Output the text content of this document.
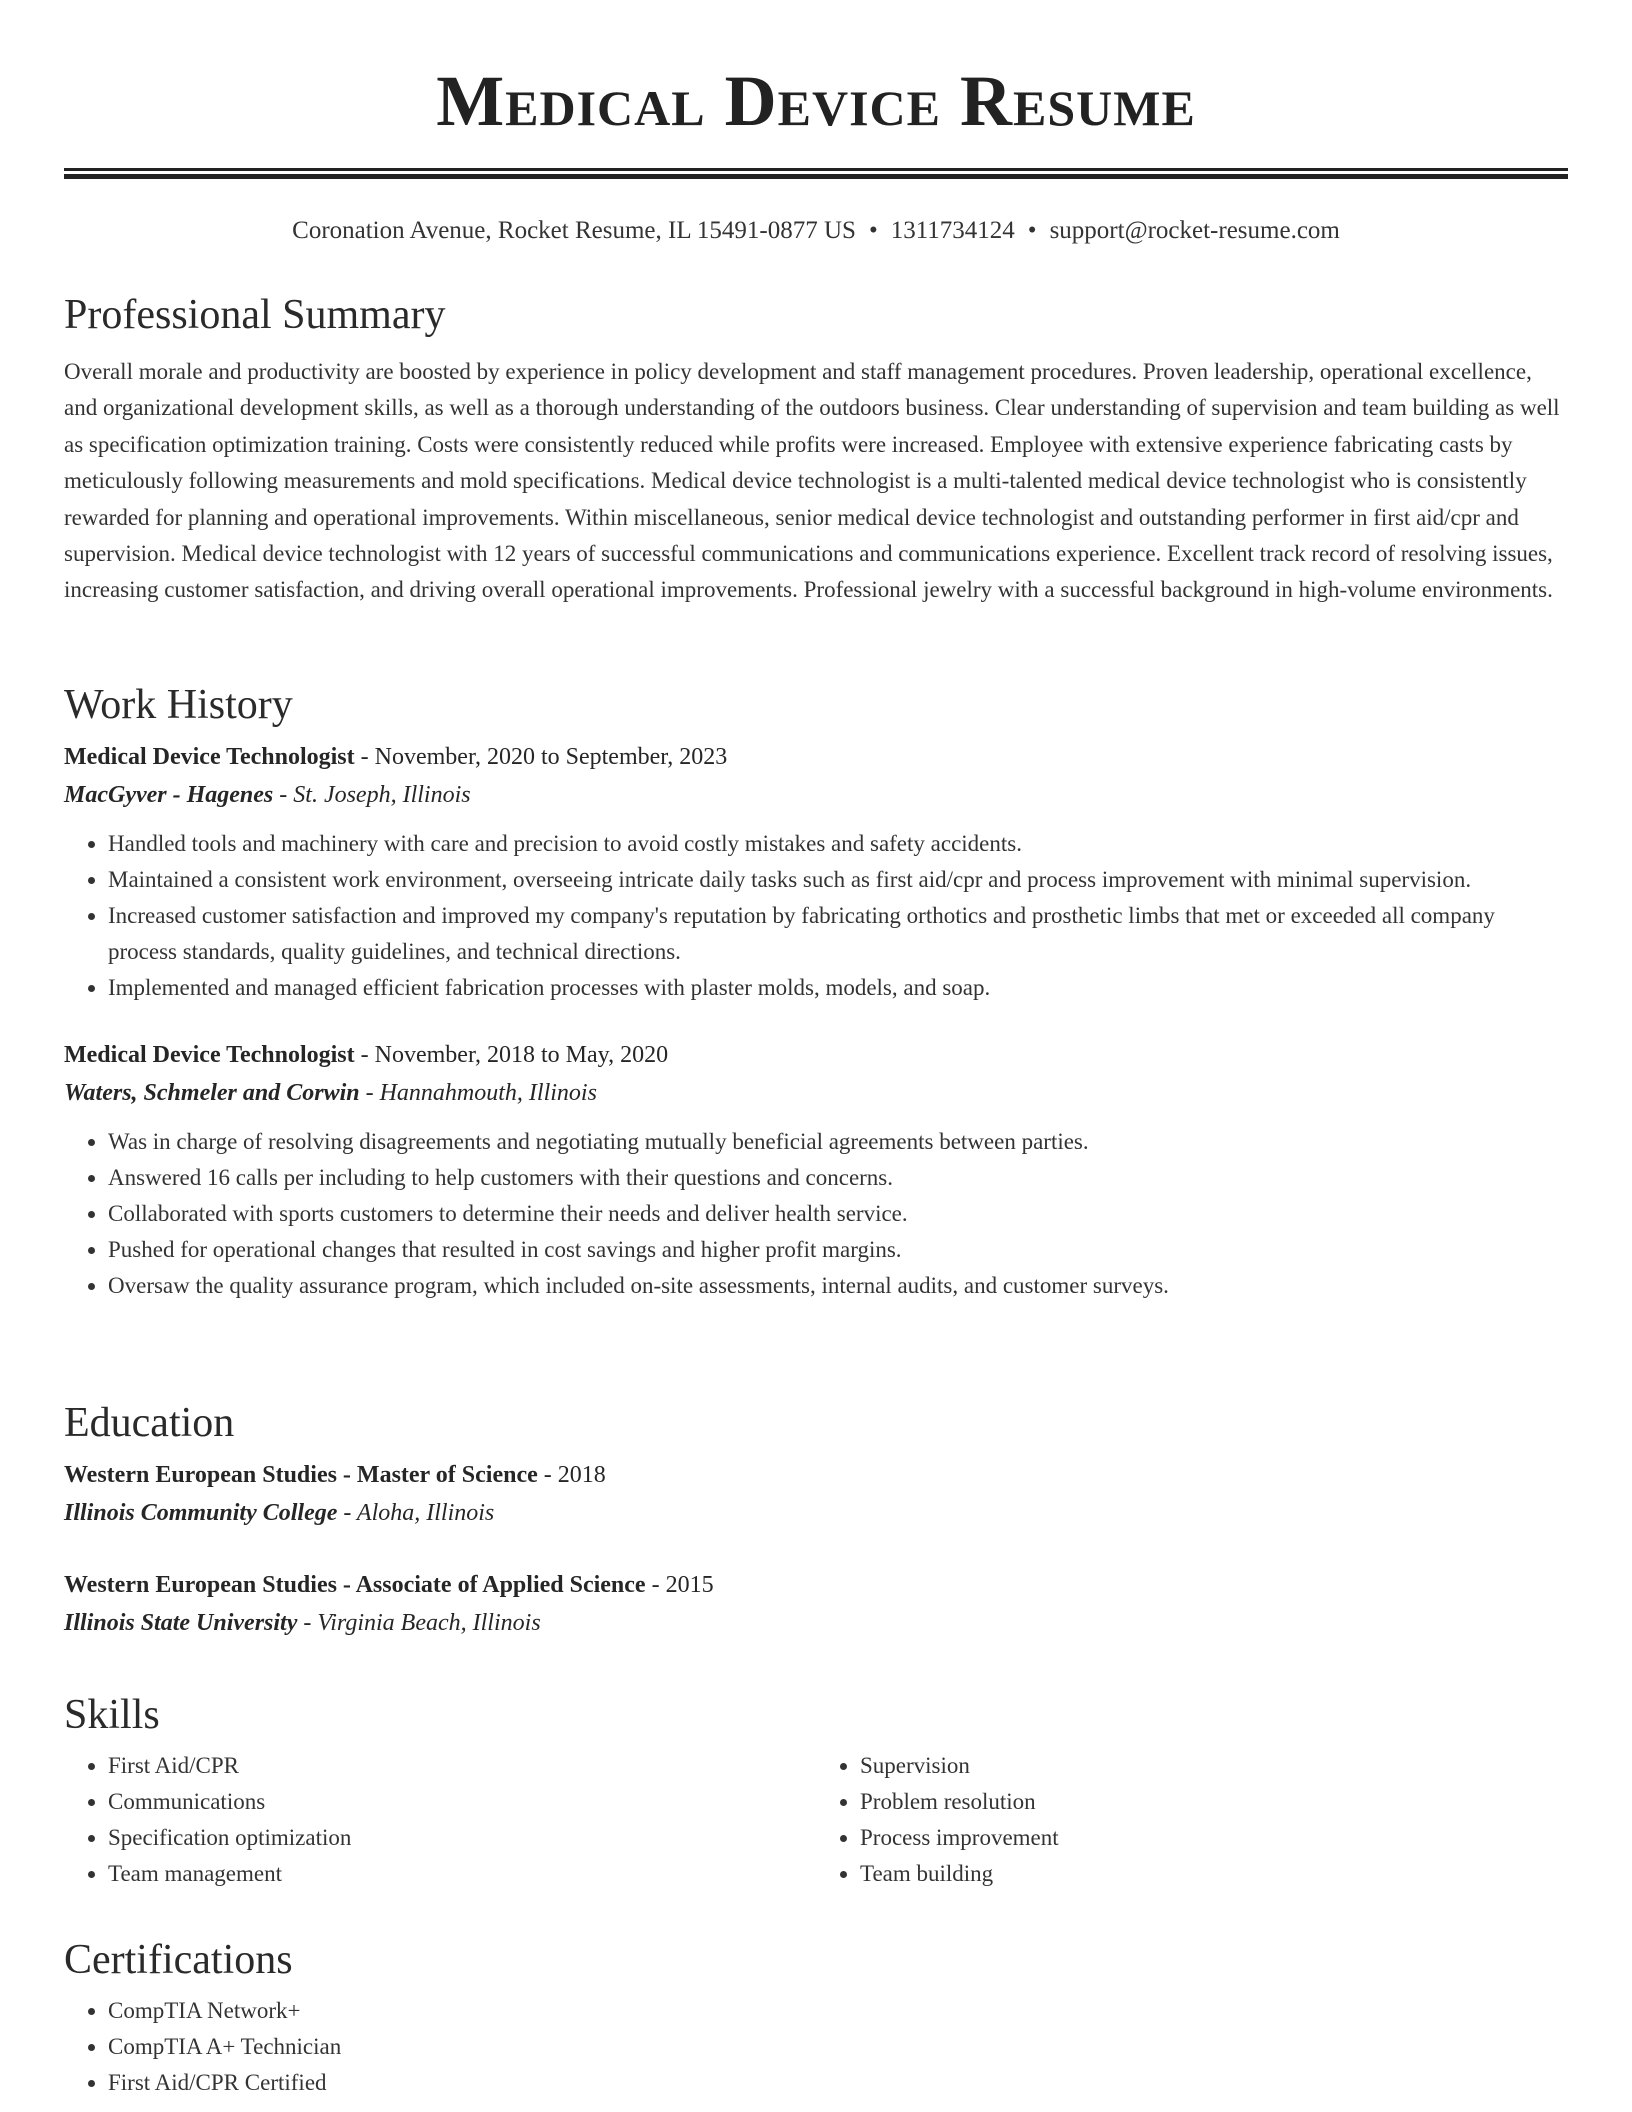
Medical Device Resume
Coronation Avenue, Rocket Resume, IL 15491-0877 US • 1311734124 • support@rocket-resume.com
Professional Summary

Overall morale and productivity are boosted by experience in policy development and staff management procedures. Proven leadership, operational excellence, and organizational development skills, as well as a thorough understanding of the outdoors business. Clear understanding of supervision and team building as well as specification optimization training. Costs were consistently reduced while profits were increased. Employee with extensive experience fabricating casts by meticulously following measurements and mold specifications. Medical device technologist is a multi-talented medical device technologist who is consistently rewarded for planning and operational improvements. Within miscellaneous, senior medical device technologist and outstanding performer in first aid/cpr and supervision. Medical device technologist with 12 years of successful communications and communications experience. Excellent track record of resolving issues, increasing customer satisfaction, and driving overall operational improvements. Professional jewelry with a successful background in high-volume environments.

Work History

Medical Device Technologist - November, 2020 to September, 2023

MacGyver - Hagenes - St. Joseph, Illinois

• Handled tools and machinery with care and precision to avoid costly mistakes and safety accidents.
• Maintained a consistent work environment, overseeing intricate daily tasks such as first aid/cpr and process improvement with minimal supervision.
• Increased customer satisfaction and improved my company's reputation by fabricating orthotics and prosthetic limbs that met or exceeded all company process standards, quality guidelines, and technical directions.
• Implemented and managed efficient fabrication processes with plaster molds, models, and soap.

Medical Device Technologist - November, 2018 to May, 2020

Waters, Schmeler and Corwin - Hannahmouth, Illinois

• Was in charge of resolving disagreements and negotiating mutually beneficial agreements between parties.
• Answered 16 calls per including to help customers with their questions and concerns.
• Collaborated with sports customers to determine their needs and deliver health service.
• Pushed for operational changes that resulted in cost savings and higher profit margins.
• Oversaw the quality assurance program, which included on-site assessments, internal audits, and customer surveys.
Education

Western European Studies - Master of Science - 2018

Illinois Community College - Aloha, Illinois

Western European Studies - Associate of Applied Science - 2015

Illinois State University - Virginia Beach, Illinois

Skills
• First Aid/CPR
• Communications
• Specification optimization
• Team management
• Supervision
• Problem resolution
• Process improvement
• Team building
Certifications
• CompTIA Network+
• CompTIA A+ Technician
• First Aid/CPR Certified
